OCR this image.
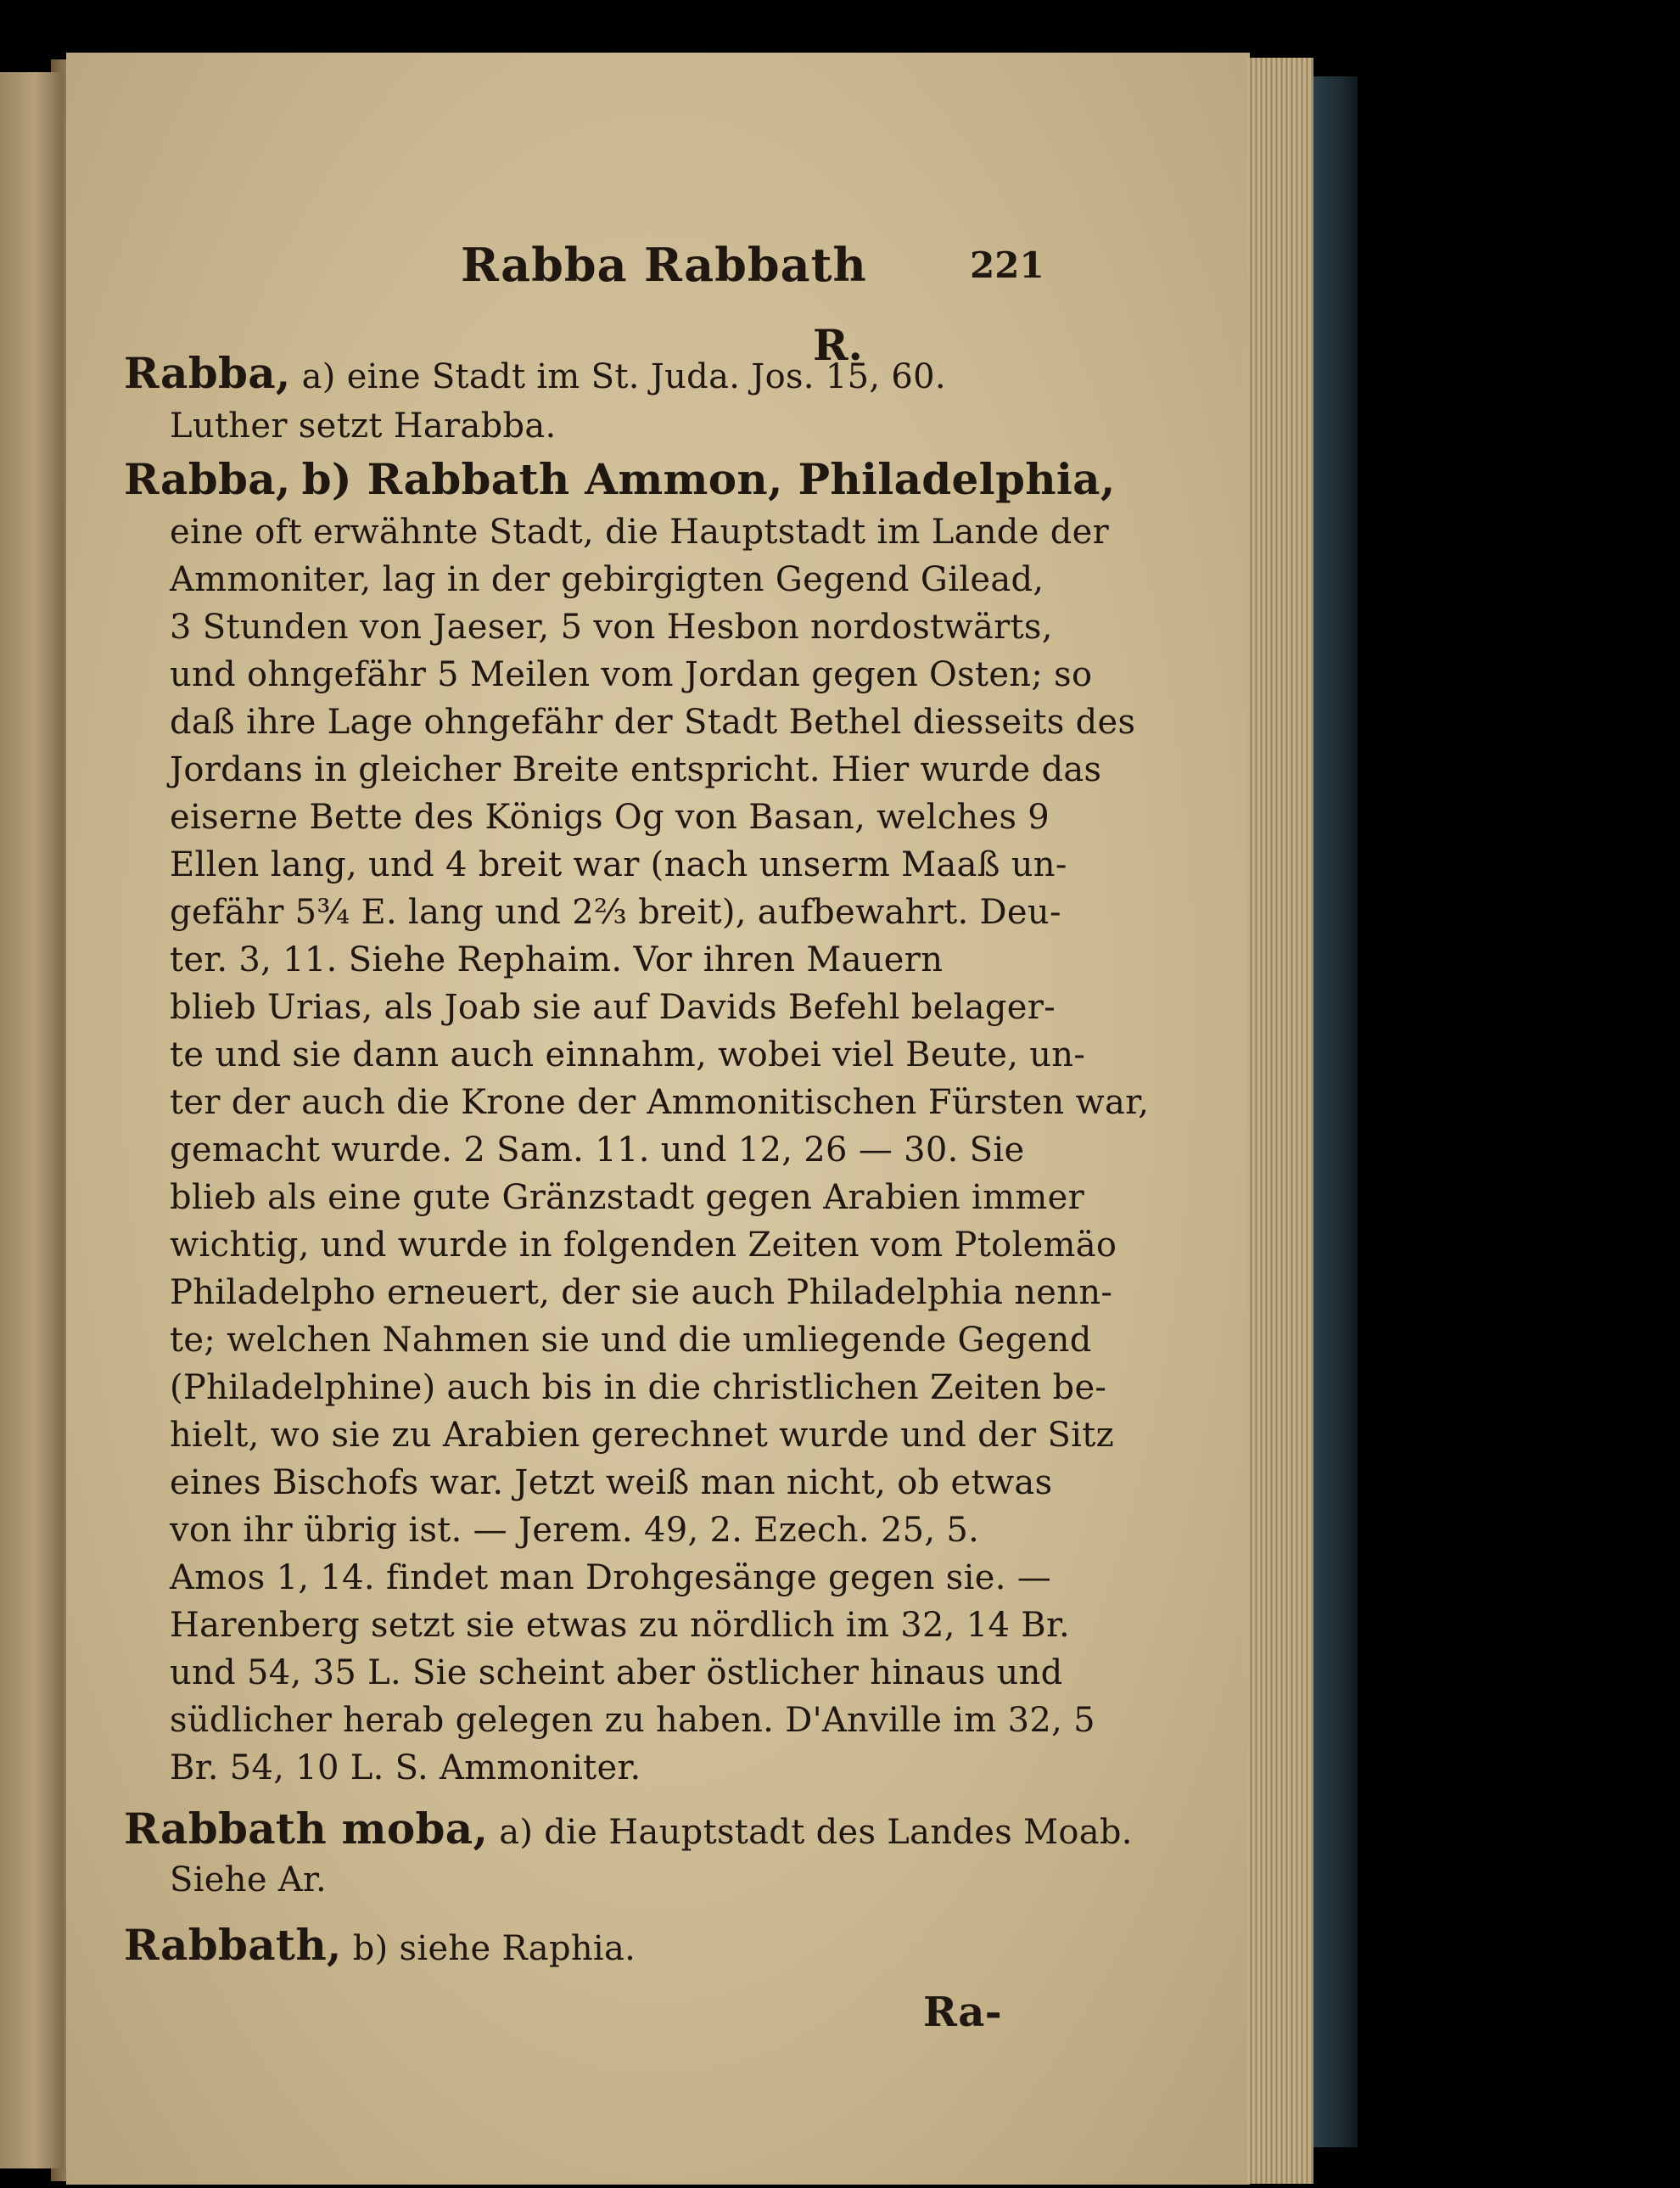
Rabba Rabbath	221
R.
Rabba, a) eine Stadt im St. Juda. Jos. 15, 60.
Luther setzt Harabba.
Rabba, b) Rabbath Ammon, Philadelphia,
eine oft erwähnte Stadt, die Hauptstadt im Lande der
Ammoniter, lag in der gebirgigten Gegend Gilead,
3 Stunden von Jaeser, 5 von Hesbon nordostwärts,
und ohngefähr 5 Meilen vom Jordan gegen Osten; so
daß ihre Lage ohngefähr der Stadt Bethel diesseits des
Jordans in gleicher Breite entspricht. Hier wurde das
eiserne Bette des Königs Og von Basan, welches 9
Ellen lang, und 4 breit war (nach unserm Maaß un-
gefähr 5¾ E. lang und 2⅔ breit), aufbewahrt. Deu-
ter. 3, 11. Siehe Rephaim. Vor ihren Mauern
blieb Urias, als Joab sie auf Davids Befehl belager-
te und sie dann auch einnahm, wobei viel Beute, un-
ter der auch die Krone der Ammonitischen Fürsten war,
gemacht wurde. 2 Sam. 11. und 12, 26 — 30. Sie
blieb als eine gute Gränzstadt gegen Arabien immer
wichtig, und wurde in folgenden Zeiten vom Ptolemäo
Philadelpho erneuert, der sie auch Philadelphia nenn-
te; welchen Nahmen sie und die umliegende Gegend
(Philadelphine) auch bis in die christlichen Zeiten be-
hielt, wo sie zu Arabien gerechnet wurde und der Sitz
eines Bischofs war. Jetzt weiß man nicht, ob etwas
von ihr übrig ist. — Jerem. 49, 2. Ezech. 25, 5.
Amos 1, 14. findet man Drohgesänge gegen sie. —
Harenberg setzt sie etwas zu nördlich im 32, 14 Br.
und 54, 35 L. Sie scheint aber östlicher hinaus und
südlicher herab gelegen zu haben. D'Anville im 32, 5
Br. 54, 10 L. S. Ammoniter.
Rabbath moba, a) die Hauptstadt des Landes Moab.
Siehe Ar.
Rabbath, b) siehe Raphia.
Ra-
